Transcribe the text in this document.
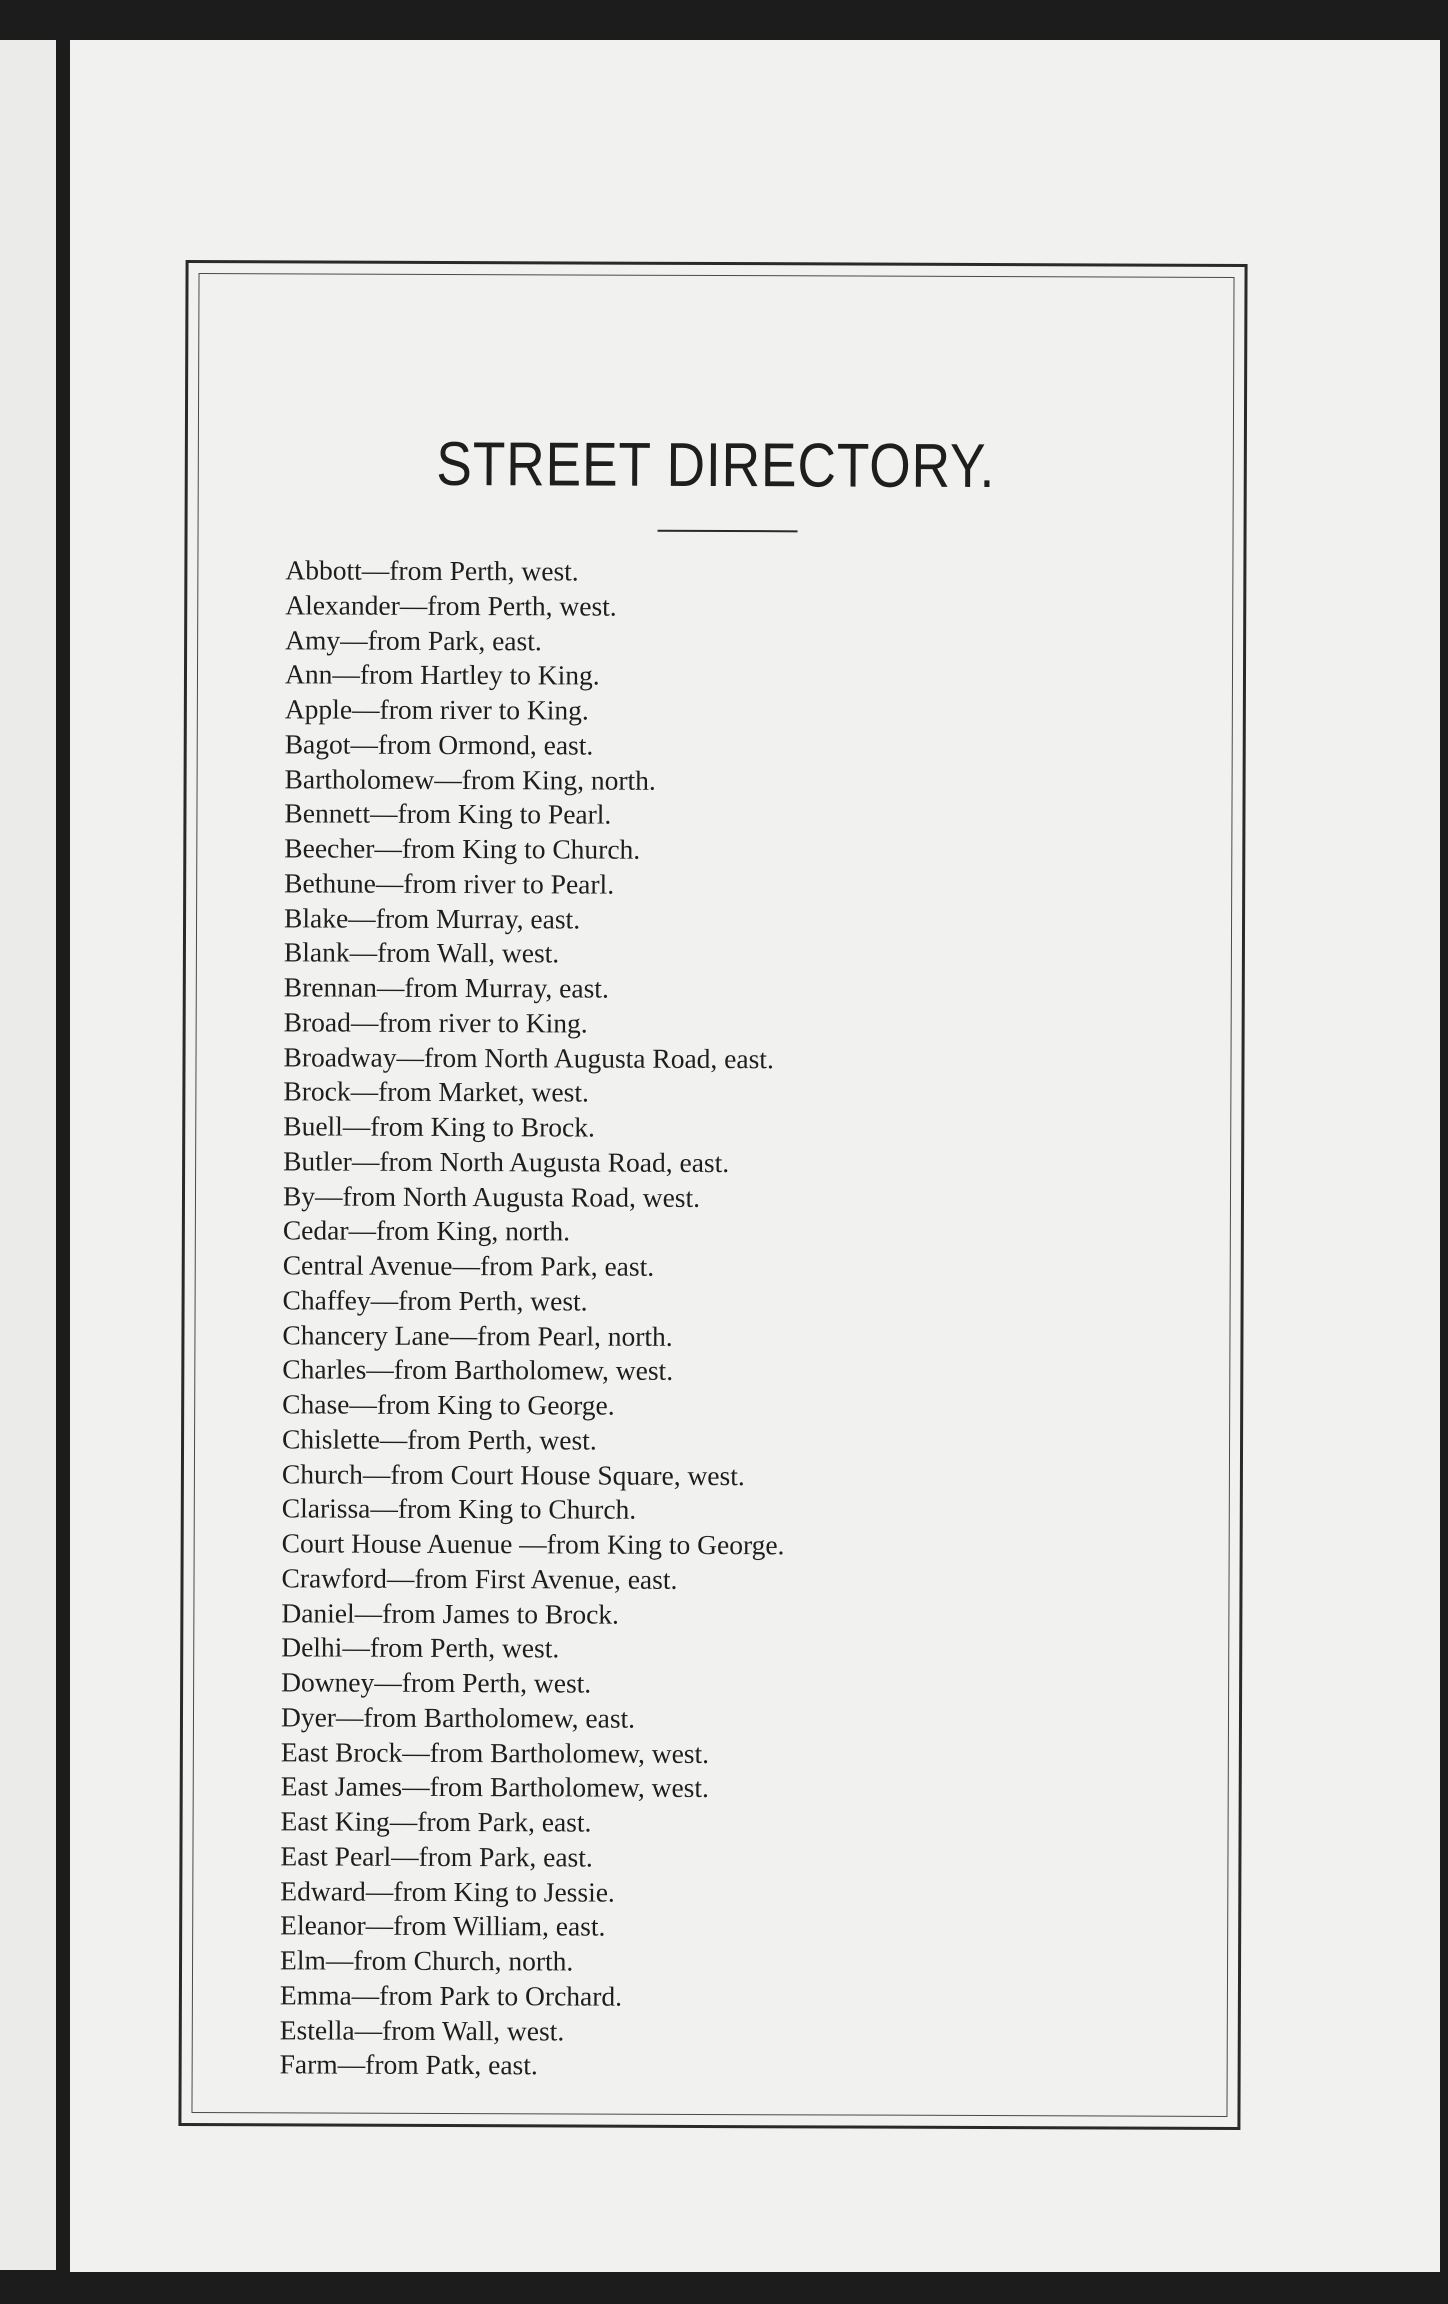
STREET DIRECTORY.
Abbott—from Perth, west.
Alexander—from Perth, west.
Amy—from Park, east.
Ann—from Hartley to King.
Apple—from river to King.
Bagot—from Ormond, east.
Bartholomew—from King, north.
Bennett—from King to Pearl.
Beecher—from King to Church.
Bethune—from river to Pearl.
Blake—from Murray, east.
Blank—from Wall, west.
Brennan—from Murray, east.
Broad—from river to King.
Broadway—from North Augusta Road, east.
Brock—from Market, west.
Buell—from King to Brock.
Butler—from North Augusta Road, east.
By—from North Augusta Road, west.
Cedar—from King, north.
Central Avenue—from Park, east.
Chaffey—from Perth, west.
Chancery Lane—from Pearl, north.
Charles—from Bartholomew, west.
Chase—from King to George.
Chislette—from Perth, west.
Church—from Court House Square, west.
Clarissa—from King to Church.
Court House Auenue —from King to George.
Crawford—from First Avenue, east.
Daniel—from James to Brock.
Delhi—from Perth, west.
Downey—from Perth, west.
Dyer—from Bartholomew, east.
East Brock—from Bartholomew, west.
East James—from Bartholomew, west.
East King—from Park, east.
East Pearl—from Park, east.
Edward—from King to Jessie.
Eleanor—from William, east.
Elm—from Church, north.
Emma—from Park to Orchard.
Estella—from Wall, west.
Farm—from Patk, east.
